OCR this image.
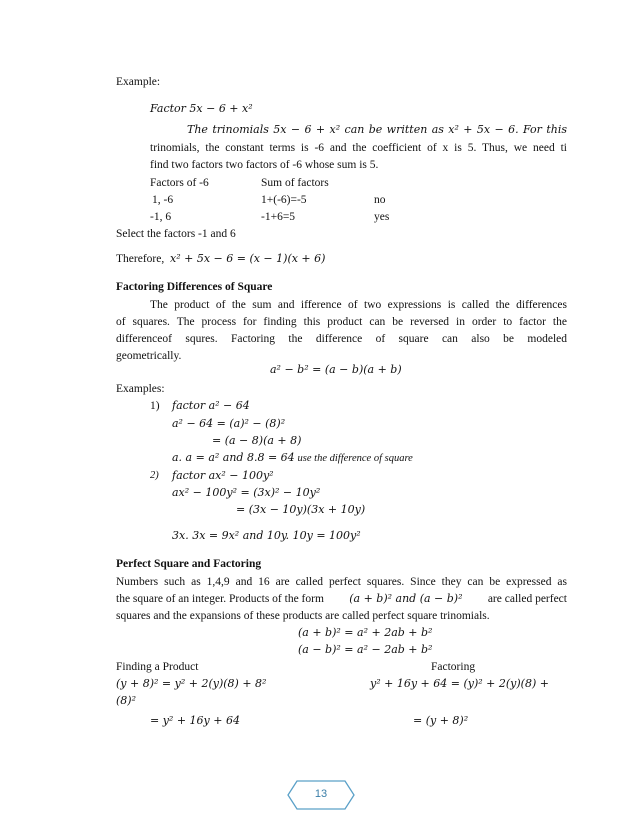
Example:
Factor 5x − 6 + x²
The trinomials 5x − 6 + x² can be written as x² + 5x − 6. For this
trinomials, the constant terms is -6 and the coefficient of x is 5. Thus, we need ti
find two factors two factors of -6 whose sum is 5.
Factors of -6	Sum of factors
1, -6	1+(-6)=-5	no
-1, 6	-1+6=5	yes
Select the factors -1 and 6
Therefore, x² + 5x − 6 = (x − 1)(x + 6)
Factoring Differences of Square
The product of the sum and ifference of two expressions is called the differences
of squares. The process for finding this product can be reversed in order to factor the
differenceof squres. Factoring the difference of square can also be modeled
geometrically.
a² − b² = (a − b)(a + b)
Examples:
1) factor a² − 64
a² − 64 = (a)² − (8)²
= (a − 8)(a + 8)
a. a = a² and 8.8 = 64 use the difference of square
2) factor ax² − 100y²
ax² − 100y² = (3x)² − 10y²
= (3x − 10y)(3x + 10y)
3x. 3x = 9x² and 10y. 10y = 100y²
Perfect Square and Factoring
Numbers such as 1,4,9 and 16 are called perfect squares. Since they can be expressed as
the square of an integer. Products of the form (a + b)² and (a − b)² are called perfect
squares and the expansions of these products are called perfect square trinomials.
(a + b)² = a² + 2ab + b²
(a − b)² = a² − 2ab + b²
Finding a Product	Factoring
(y + 8)² = y² + 2(y)(8) + 8²	y² + 16y + 64 = (y)² + 2(y)(8) +
(8)²
= y² + 16y + 64	= (y + 8)²
13
